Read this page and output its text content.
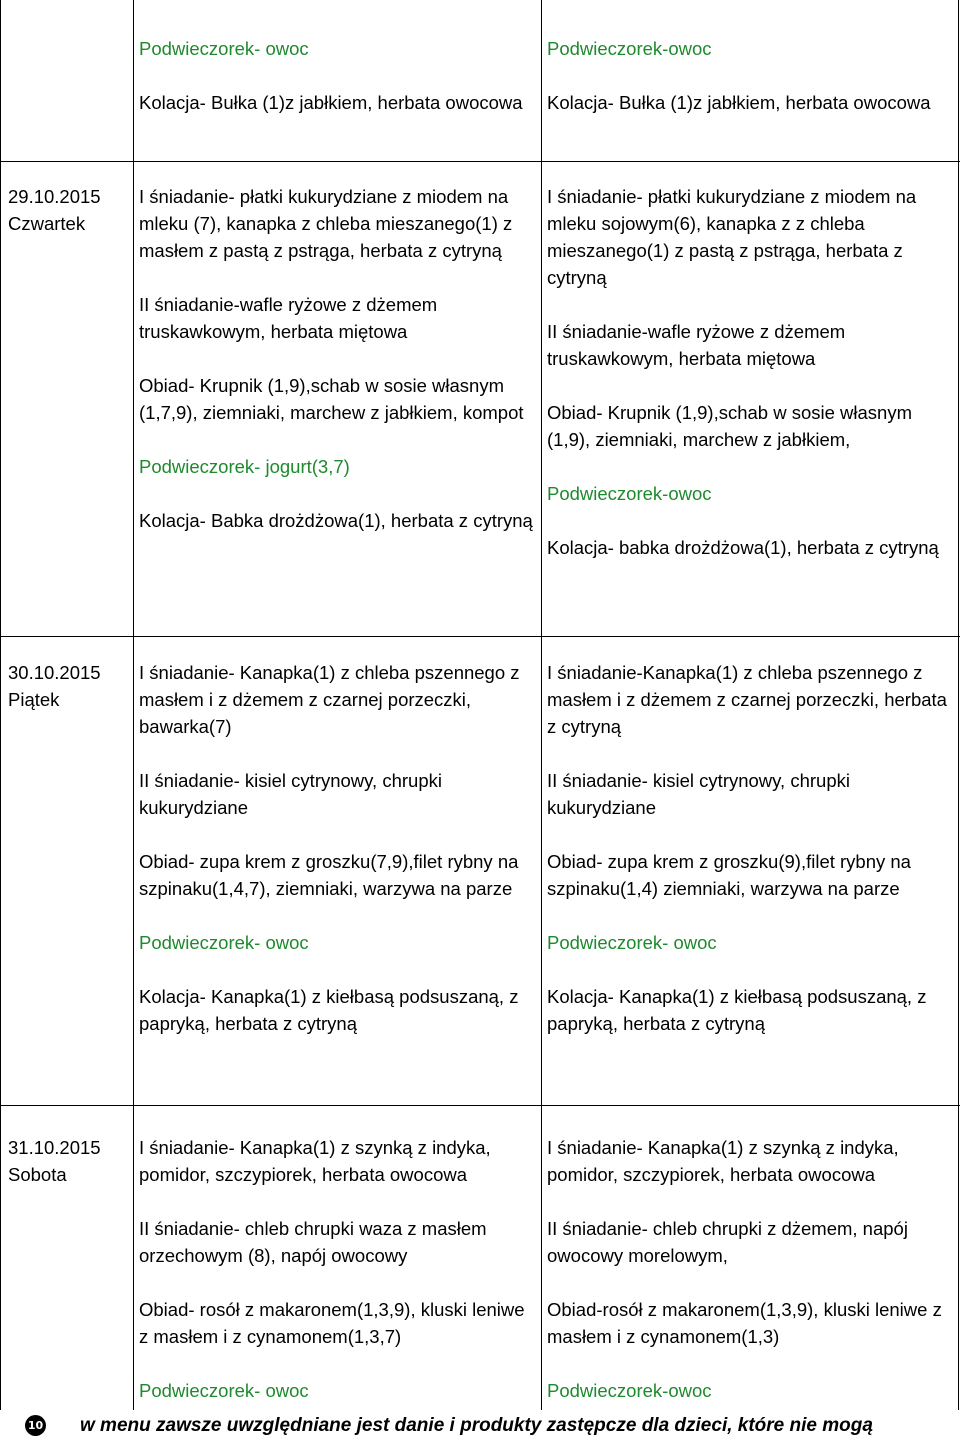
Podwieczorek- owoc

Kolacja- Bułka (1)z jabłkiem, herbata owocowa

Podwieczorek-owoc

Kolacja- Bułka (1)z jabłkiem, herbata owocowa

29.10.2015
Czwartek

I śniadanie- płatki kukurydziane z miodem na mleku (7), kanapka z chleba mieszanego(1) z masłem z pastą z pstrąga, herbata z cytryną

II śniadanie-wafle ryżowe z dżemem truskawkowym, herbata miętowa

Obiad- Krupnik (1,9),schab w sosie własnym (1,7,9), ziemniaki, marchew z jabłkiem, kompot

Podwieczorek- jogurt(3,7)

Kolacja- Babka drożdżowa(1), herbata z cytryną

I śniadanie- płatki kukurydziane z miodem na mleku sojowym(6), kanapka z z chleba mieszanego(1) z pastą z pstrąga, herbata z cytryną

II śniadanie-wafle ryżowe z dżemem truskawkowym, herbata miętowa

Obiad- Krupnik (1,9),schab w sosie własnym (1,9), ziemniaki, marchew z jabłkiem,

Podwieczorek-owoc

Kolacja- babka drożdżowa(1), herbata z cytryną

30.10.2015
Piątek

I śniadanie- Kanapka(1) z chleba pszennego z masłem i z dżemem z czarnej porzeczki, bawarka(7)

II śniadanie- kisiel cytrynowy, chrupki kukurydziane

Obiad- zupa krem z groszku(7,9),filet rybny na szpinaku(1,4,7), ziemniaki, warzywa na parze

Podwieczorek- owoc

Kolacja- Kanapka(1) z kiełbasą podsuszaną, z papryką, herbata z cytryną

I śniadanie-Kanapka(1) z chleba pszennego z masłem i z dżemem z czarnej porzeczki, herbata z cytryną

II śniadanie- kisiel cytrynowy, chrupki kukurydziane

Obiad- zupa krem z groszku(9),filet rybny na szpinaku(1,4) ziemniaki, warzywa na parze

Podwieczorek- owoc

Kolacja- Kanapka(1) z kiełbasą podsuszaną, z papryką, herbata z cytryną

31.10.2015
Sobota

I śniadanie- Kanapka(1) z szynką z indyka, pomidor, szczypiorek, herbata owocowa

II śniadanie- chleb chrupki waza z masłem orzechowym (8), napój owocowy

Obiad- rosół z makaronem(1,3,9), kluski leniwe z masłem i z cynamonem(1,3,7)

Podwieczorek- owoc

I śniadanie- Kanapka(1) z szynką z indyka, pomidor, szczypiorek, herbata owocowa

II śniadanie- chleb chrupki z dżemem, napój owocowy morelowym,

Obiad-rosół z makaronem(1,3,9), kluski leniwe z masłem i z cynamonem(1,3)

Podwieczorek-owoc

10 w menu zawsze uwzględniane jest danie i produkty zastępcze dla dzieci, które nie mogą
